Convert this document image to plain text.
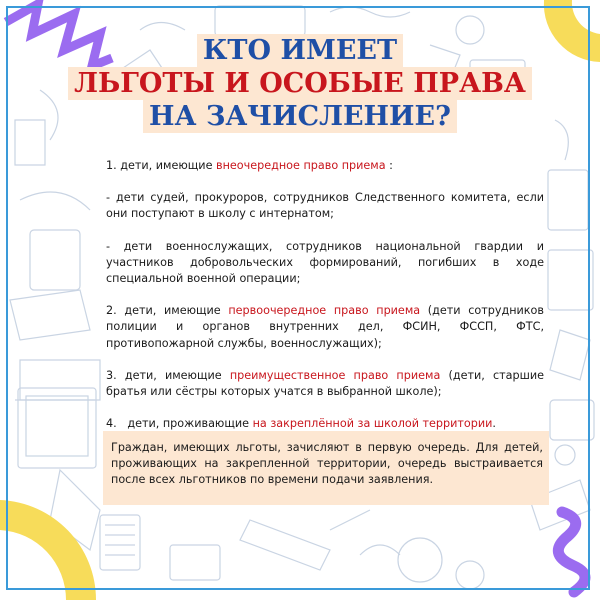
КТО ИМЕЕТ
ЛЬГОТЫ И ОСОБЫЕ ПРАВА
НА ЗАЧИСЛЕНИЕ?

1. дети, имеющие внеочередное право приема :

- дети судей, прокуроров, сотрудников Следственного комитета, если они поступают в школу с интернатом;

- дети военнослужащих, сотрудников национальной гвардии и участников добровольческих формирований, погибших в ходе специальной военной операции;

2. дети, имеющие первоочередное право приема (дети сотрудников полиции и органов внутренних дел, ФСИН, ФССП, ФТС, противопожарной службы, военнослужащих);

3. дети, имеющие преимущественное право приема (дети, старшие братья или сёстры которых учатся в выбранной школе);

4.   дети, проживающие на закреплённой за школой территории.

Граждан, имеющих льготы, зачисляют в первую очередь. Для детей, проживающих на закрепленной территории, очередь выстраивается после всех льготников по времени подачи заявления.
